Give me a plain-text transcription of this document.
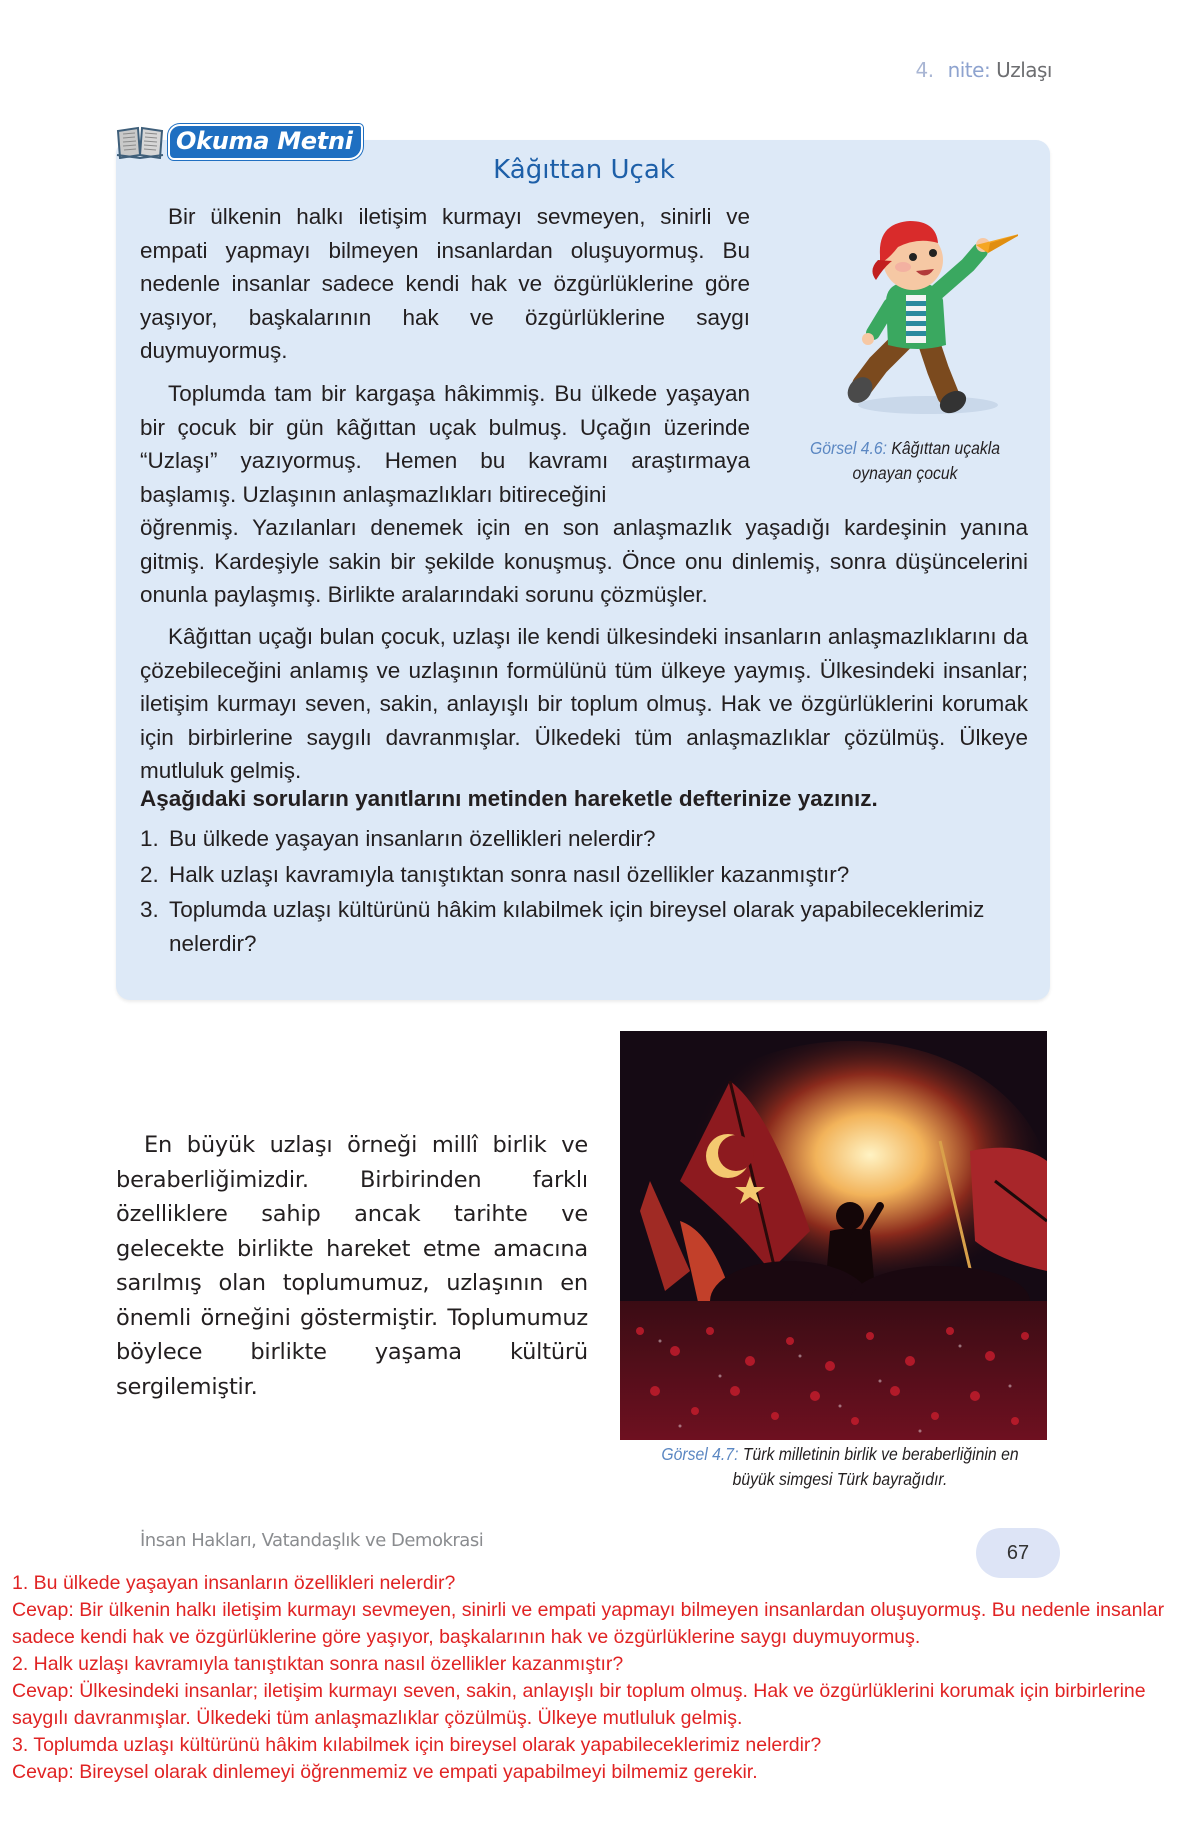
4. nite: Uzlaşı
Okuma Metni
Kâğıttan Uçak

Bir ülkenin halkı iletişim kurmayı sevmeyen, sinirli ve empati yapmayı bilmeyen insanlardan oluşuyormuş. Bu nedenle insanlar sadece kendi hak ve özgürlüklerine göre yaşıyor, başkalarının hak ve özgürlüklerine saygı duymuyormuş.

Toplumda tam bir kargaşa hâkimmiş. Bu ülkede yaşayan bir çocuk bir gün kâğıttan uçak bulmuş. Uçağın üzerinde “Uzlaşı” yazıyormuş. Hemen bu kavramı araştırmaya başlamış. Uzlaşının anlaşmazlıkları bitireceğini

öğrenmiş. Yazılanları denemek için en son anlaşmazlık yaşadığı kardeşinin yanına gitmiş. Kardeşiyle sakin bir şekilde konuşmuş. Önce onu dinlemiş, sonra düşüncelerini onunla paylaşmış. Birlikte aralarındaki sorunu çözmüşler.

Kâğıttan uçağı bulan çocuk, uzlaşı ile kendi ülkesindeki insanların anlaşmazlıklarını da çözebileceğini anlamış ve uzlaşının formülünü tüm ülkeye yaymış. Ülkesindeki insanlar; iletişim kurmayı seven, sakin, anlayışlı bir toplum olmuş. Hak ve özgürlüklerini korumak için birbirlerine saygılı davranmışlar. Ülkedeki tüm anlaşmazlıklar çözülmüş. Ülkeye mutluluk gelmiş.

Görsel 4.6: Kâğıttan uçakla oynayan çocuk
Aşağıdaki soruların yanıtlarını metinden hareketle defterinize yazınız.
1. Bu ülkede yaşayan insanların özellikleri nelerdir?
2. Halk uzlaşı kavramıyla tanıştıktan sonra nasıl özellikler kazanmıştır?
3. Toplumda uzlaşı kültürünü hâkim kılabilmek için bireysel olarak yapabileceklerimiz nelerdir?

En büyük uzlaşı örneği millî birlik ve beraberliğimizdir. Birbirinden farklı özelliklere sahip ancak tarihte ve gelecekte birlikte hareket etme amacına sarılmış olan toplumumuz, uzlaşının en önemli örneğini göstermiştir. Toplumumuz böylece birlikte yaşama kültürü sergilemiştir.

Görsel 4.7: Türk milletinin birlik ve beraberliğinin en büyük simgesi Türk bayrağıdır.
İnsan Hakları, Vatandaşlık ve Demokrasi
67

1. Bu ülkede yaşayan insanların özellikleri nelerdir?

Cevap: Bir ülkenin halkı iletişim kurmayı sevmeyen, sinirli ve empati yapmayı bilmeyen insanlardan oluşuyormuş. Bu nedenle insanlar sadece kendi hak ve özgürlüklerine göre yaşıyor, başkalarının hak ve özgürlüklerine saygı duymuyormuş.

2. Halk uzlaşı kavramıyla tanıştıktan sonra nasıl özellikler kazanmıştır?

Cevap: Ülkesindeki insanlar; iletişim kurmayı seven, sakin, anlayışlı bir toplum olmuş. Hak ve özgürlüklerini korumak için birbirlerine saygılı davranmışlar. Ülkedeki tüm anlaşmazlıklar çözülmüş. Ülkeye mutluluk gelmiş.

3. Toplumda uzlaşı kültürünü hâkim kılabilmek için bireysel olarak yapabileceklerimiz nelerdir?

Cevap: Bireysel olarak dinlemeyi öğrenmemiz ve empati yapabilmeyi bilmemiz gerekir.
